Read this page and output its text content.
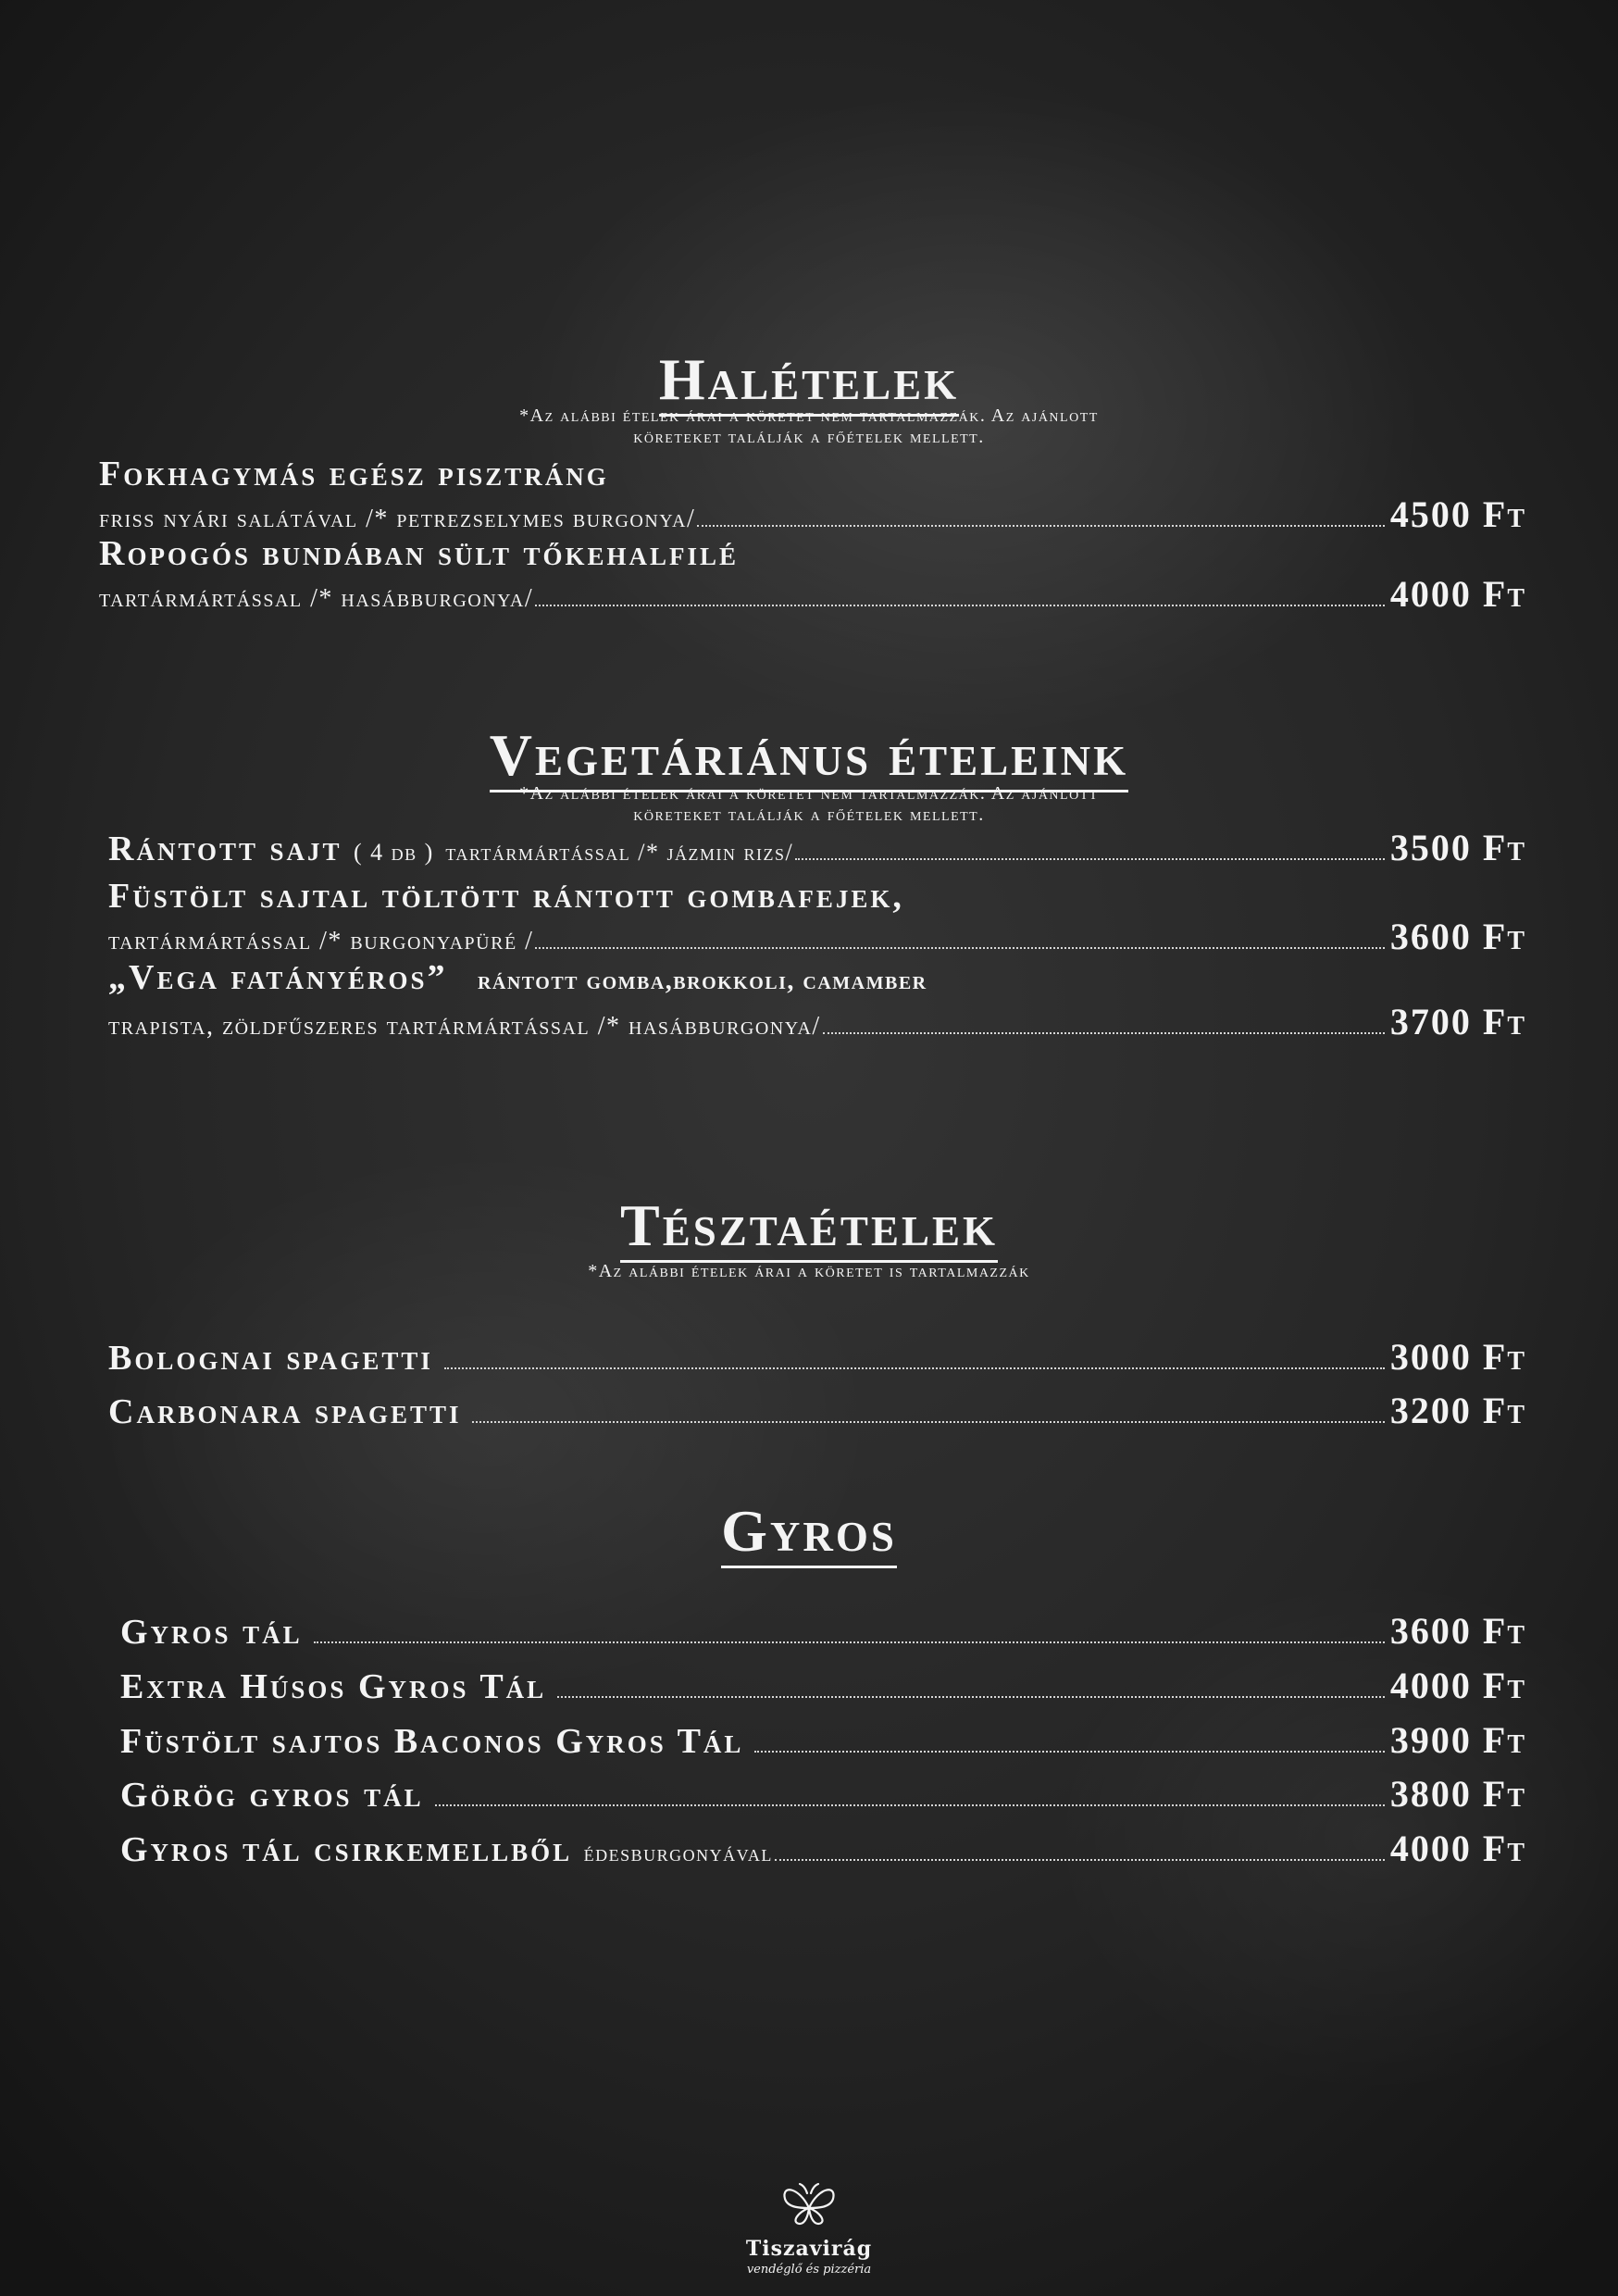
Halételek
*Az alábbi ételek árai a köretet nem tartalmazzák. Az ajánlott
köreteket találják a főételek mellett.
Fokhagymás egész pisztráng
friss nyári salátával /* petrezselymes burgonya/	4500 Ft
Ropogós bundában sült tőkehalfilé
tartármártással /* hasábburgonya/	4000 Ft
Vegetáriánus ételeink
*Az alábbi ételek árai a köretet nem tartalmazzák. Az ajánlott
köreteket találják a főételek mellett.
Rántott sajt ( 4 db ) tartármártással /* jázmin rizs/	3500 Ft
Füstölt sajtal töltött rántott gombafejek,
tartármártással /* burgonyapüré /	3600 Ft
„Vega fatányéros” rántott gomba,brokkoli, camamber
trapista, zöldfűszeres tartármártással /* hasábburgonya/	3700 Ft
Tésztaételek
*Az alábbi ételek árai a köretet is tartalmazzák
Bolognai spagetti	3000 Ft
Carbonara spagetti	3200 Ft
Gyros
Gyros tál	3600 Ft
Extra Húsos Gyros Tál	4000 Ft
Füstölt sajtos Baconos Gyros Tál	3900 Ft
Görög gyros tál	3800 Ft
Gyros tál csirkemellből édesburgonyával	4000 Ft
Tiszavirág
vendéglő és pizzéria
